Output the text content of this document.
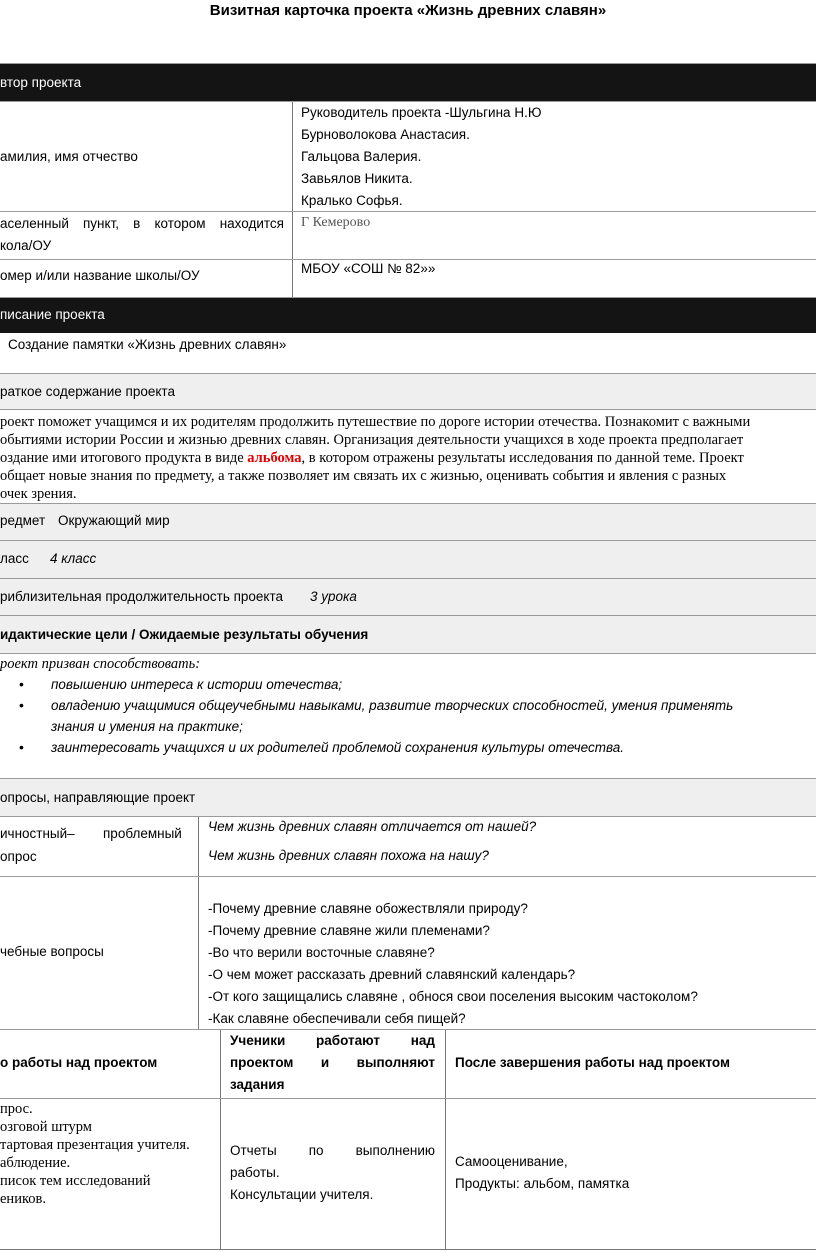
Визитная карточка проекта «Жизнь древних славян»
втор проекта
амилия, имя отчество
Руководитель проекта -Шульгина Н.Ю
Бурноволокова Анастасия.
Гальцова Валерия.
Завьялов Никита.
Кралько Софья.
аселенный пункт, в котором находится
кола/ОУ
Г Кемерово
омер и/или название школы/ОУ	МБОУ «СОШ № 82»»
писание проекта
Создание памятки «Жизнь древних славян»
раткое содержание проекта
роект поможет учащимся и их родителям продолжить путешествие по дороге истории отечества. Познакомит с важными
обытиями истории России и жизнью древних славян. Организация деятельности учащихся в ходе проекта предполагает
оздание ими итогового продукта в виде альбома, в котором отражены результаты исследования по данной теме. Проект
общает новые знания по предмету, а также позволяет им связать их с жизнью, оценивать события и явления с разных
очек зрения.
редмет Окружающий мир
ласс 4 класс
риблизительная продолжительность проекта 3 урока
идактические цели / Ожидаемые результаты обучения
роект призван способствовать:
• повышению интереса к истории отечества;
• овладению учащимися общеучебными навыками, развитие творческих способностей, умения применять
знания и умения на практике;
• заинтересовать учащихся и их родителей проблемой сохранения культуры отечества.
опросы, направляющие проект
ичностный– проблемный
опрос
Чем жизнь древних славян отличается от нашей?
Чем жизнь древних славян похожа на нашу?
чебные вопросы
-Почему древние славяне обожествляли природу?
-Почему древние славяне жили племенами?
-Во что верили восточные славяне?
-О чем может рассказать древний славянский календарь?
-От кого защищались славяне , обнося свои поселения высоким частоколом?
-Как славяне обеспечивали себя пищей?
о работы над проектом
Ученики работают над
проектом и выполняют
задания
После завершения работы над проектом
прос.
озговой штурм
тартовая презентация учителя.
аблюдение.
писок тем исследований
еников.
Отчеты по выполнению
работы.
Консультации учителя.
Самооценивание,
Продукты: альбом, памятка
